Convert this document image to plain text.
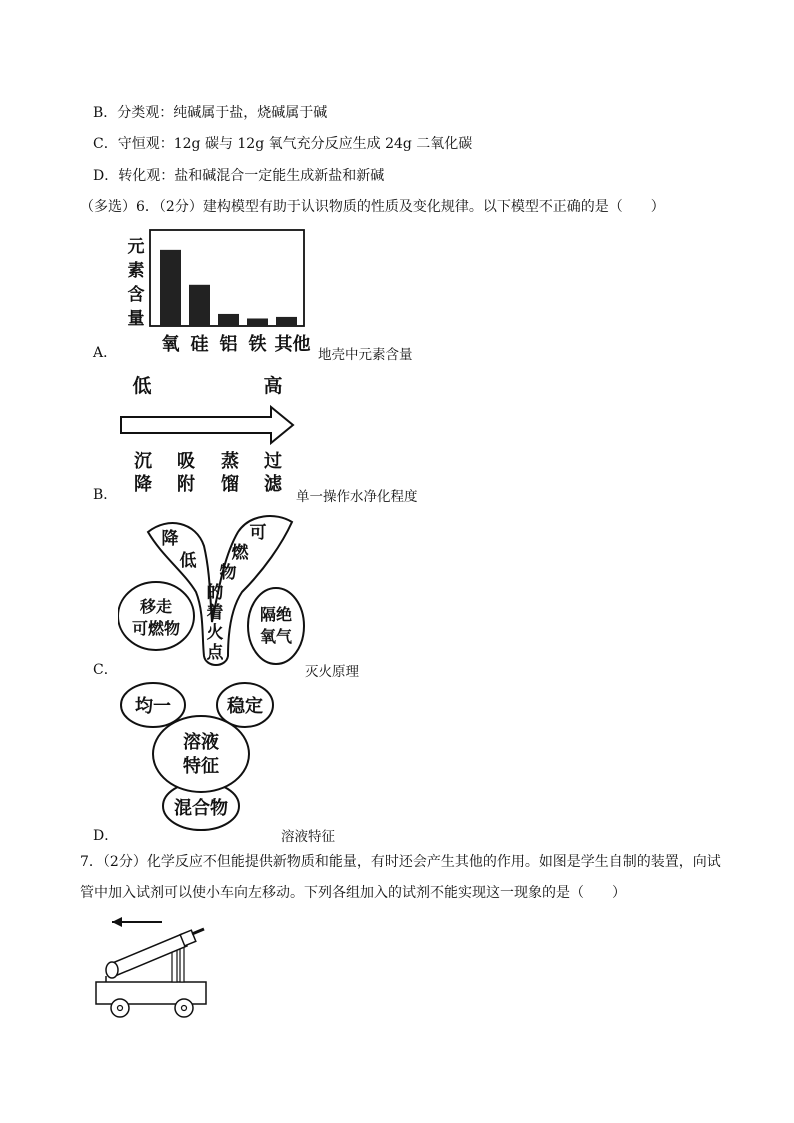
B．分类观：纯碱属于盐，烧碱属于碱
C．守恒观：12g 碳与 12g 氧气充分反应生成 24g 二氧化碳
D．转化观：盐和碱混合一定能生成新盐和新碱
（多选）6．（2分）建构模型有助于认识物质的性质及变化规律。以下模型不正确的是（　　）
元
素
含
量
氧 硅 铝 铁 其他
A．	地壳中元素含量
低	高
沉
降
吸
附
蒸
馏
过
滤
B．	单一操作水净化程度
降
低
可
燃
物
的
着
火
点
移走
可燃物
隔绝
氧气
C．	灭火原理
均一	稳定
混合物
溶液
特征
D．	溶液特征
7．（2分）化学反应不但能提供新物质和能量，有时还会产生其他的作用。如图是学生自制的装置，向试
管中加入试剂可以使小车向左移动。下列各组加入的试剂不能实现这一现象的是（　　）
